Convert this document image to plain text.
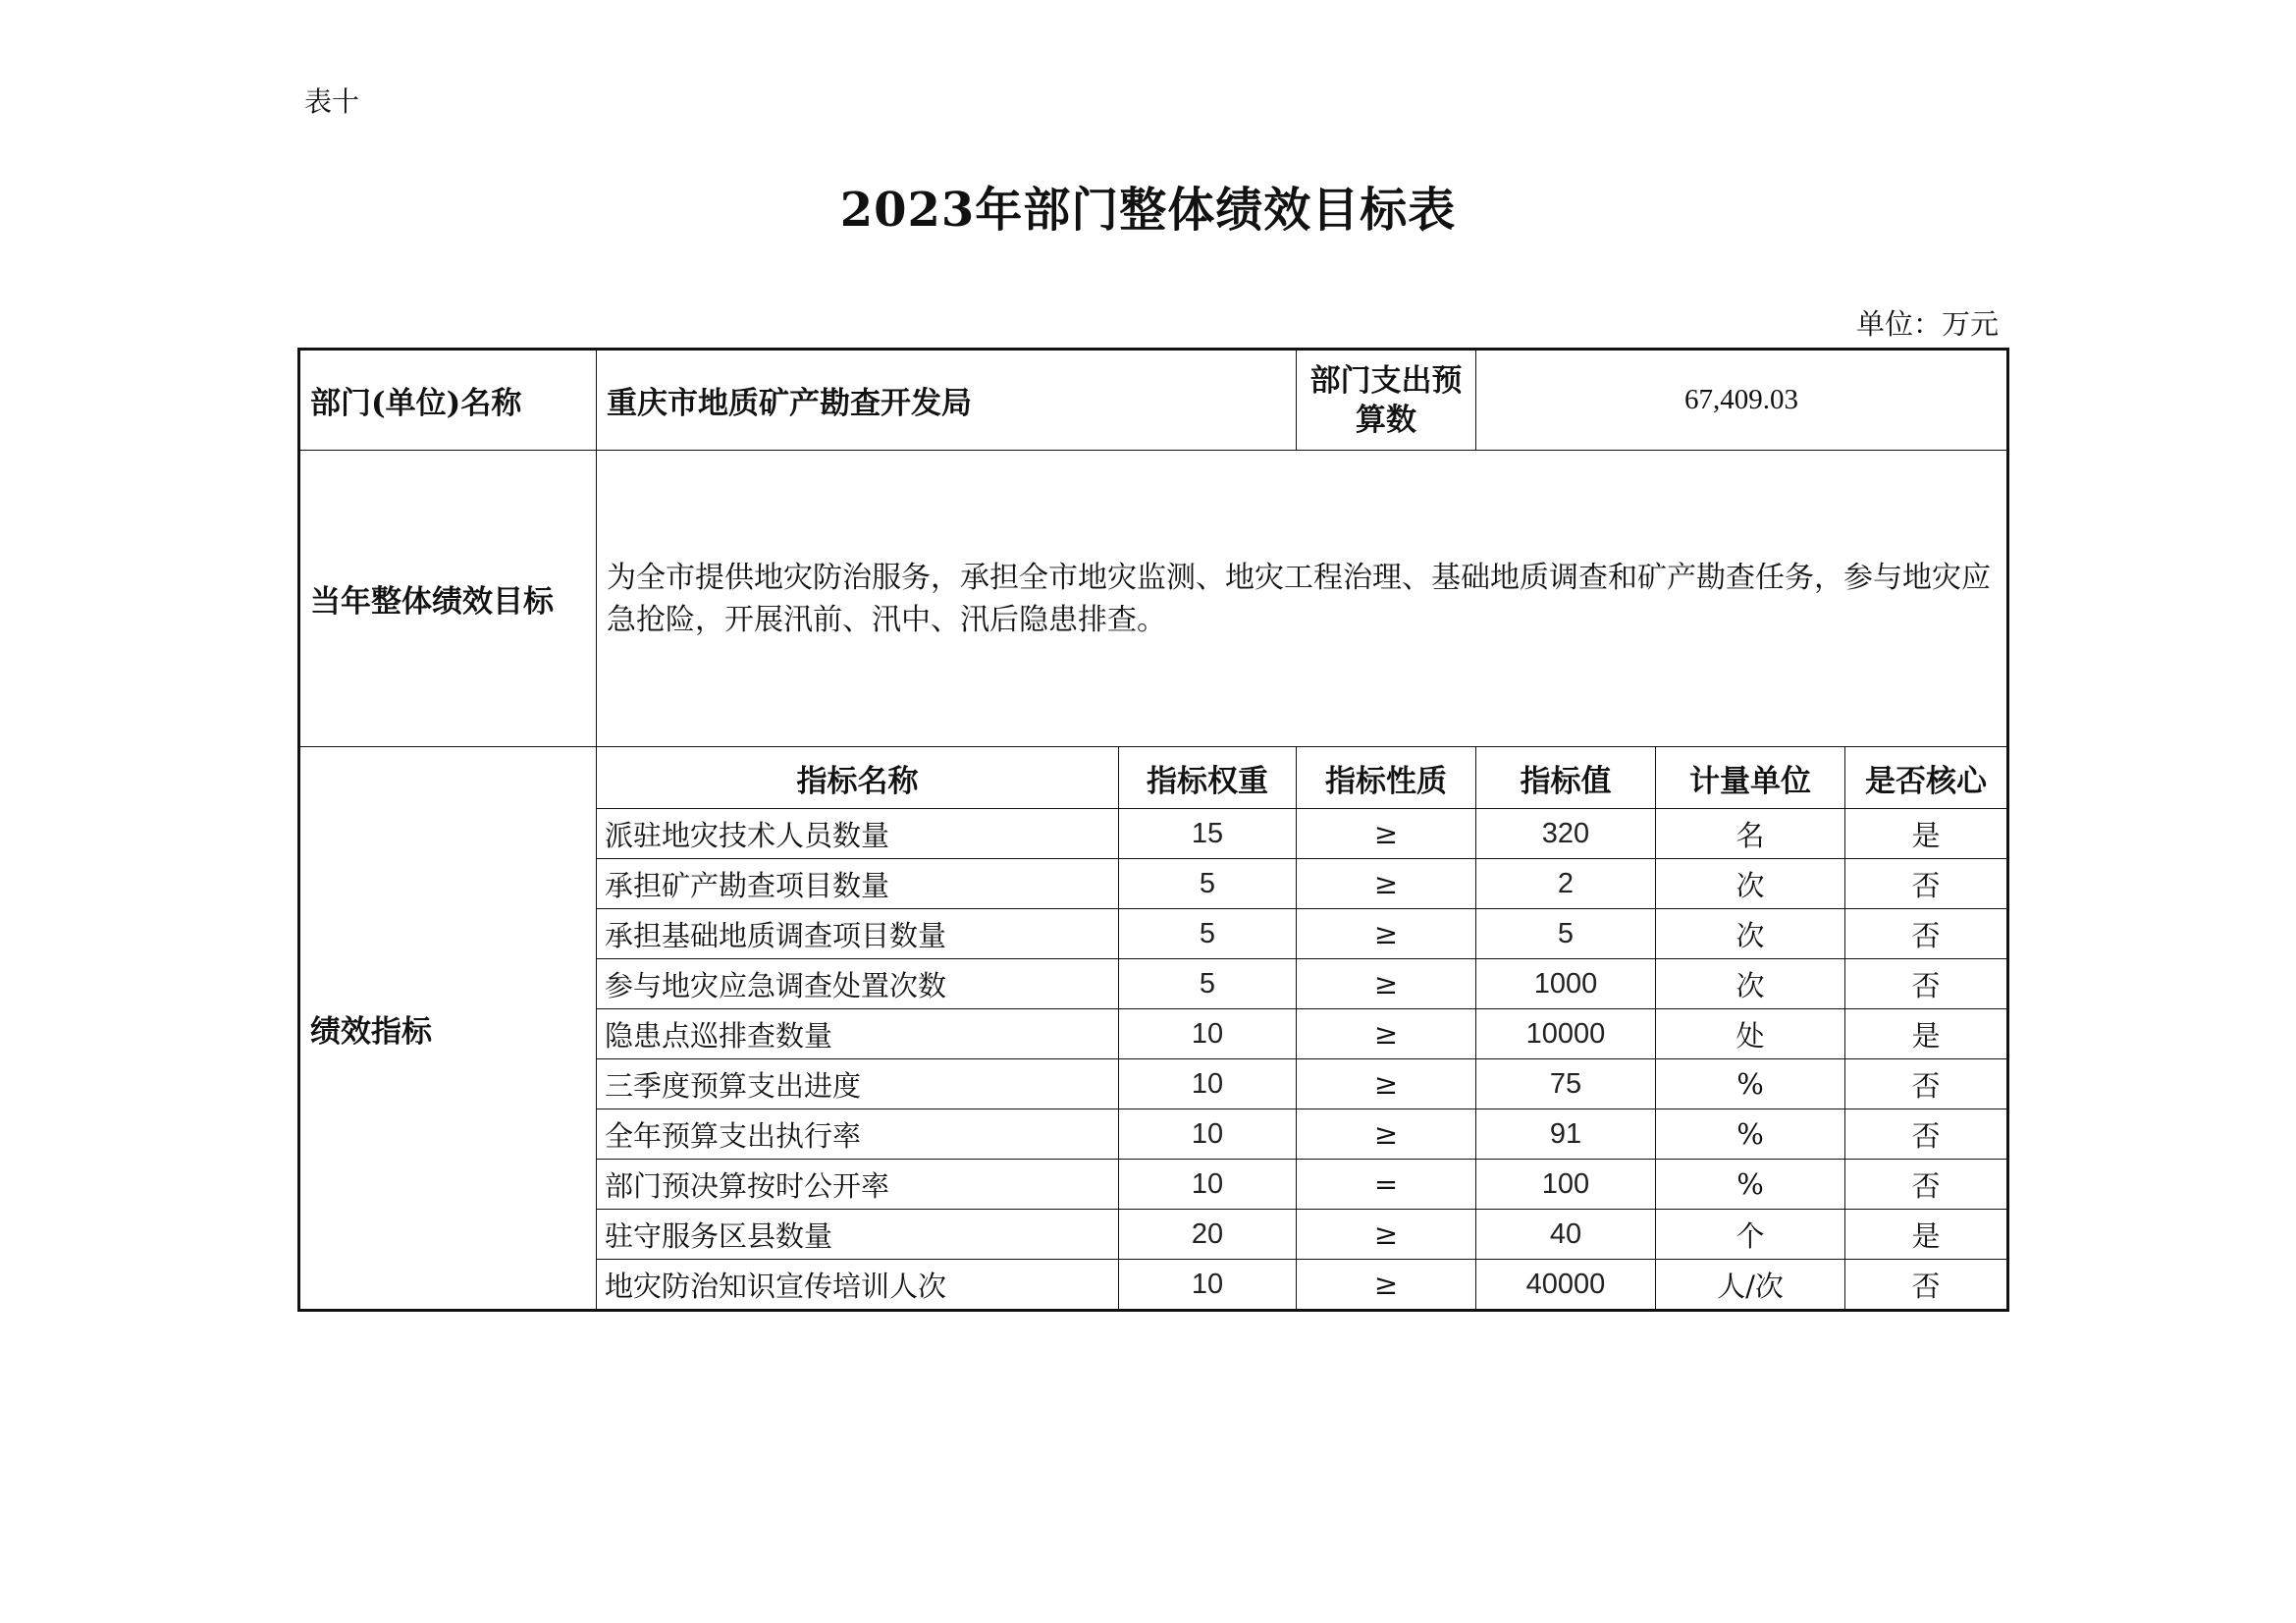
表十
2023年部门整体绩效目标表
单位：万元
部门(单位)名称	重庆市地质矿产勘查开发局		部门支出预算数	67,409.03		
当年整体绩效目标	为全市提供地灾防治服务，承担全市地灾监测、地灾工程治理、基础地质调查和矿产勘查任务，参与地灾应急抢险，开展汛前、汛中、汛后隐患排查。					
绩效指标	指标名称	指标权重	指标性质	指标值	计量单位	是否核心
	派驻地灾技术人员数量	15	≥	320	名	是
	承担矿产勘查项目数量	5	≥	2	次	否
	承担基础地质调查项目数量	5	≥	5	次	否
	参与地灾应急调查处置次数	5	≥	1000	次	否
	隐患点巡排查数量	10	≥	10000	处	是
	三季度预算支出进度	10	≥	75	%	否
	全年预算支出执行率	10	≥	91	%	否
	部门预决算按时公开率	10	=	100	%	否
	驻守服务区县数量	20	≥	40	个	是
	地灾防治知识宣传培训人次	10	≥	40000	人/次	否
